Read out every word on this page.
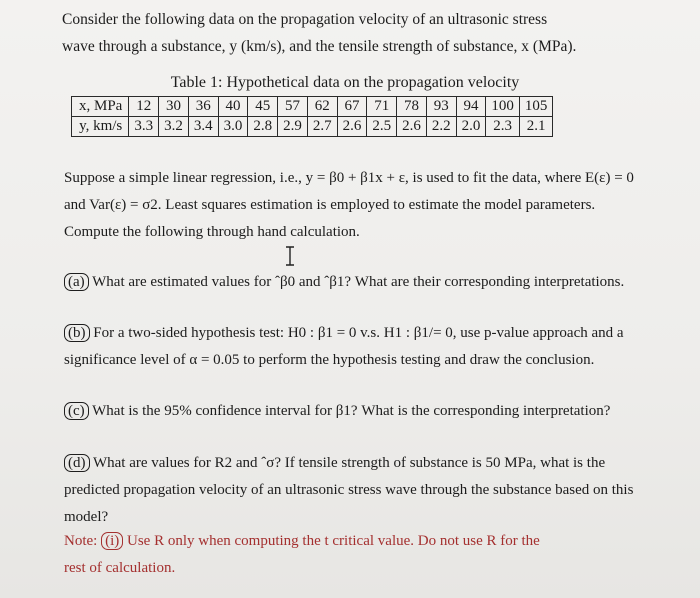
Consider the following data on the propagation velocity of an ultrasonic stress
wave through a substance, y (km/s), and the tensile strength of substance, x (MPa).
Table 1: Hypothetical data on the propagation velocity
x, MPa	12	30	36	40	45	57	62	67	71	78	93	94	100	105
y, km/s	3.3	3.2	3.4	3.0	2.8	2.9	2.7	2.6	2.5	2.6	2.2	2.0	2.3	2.1
Suppose a simple linear regression, i.e., y = β0 + β1x + ε, is used to fit the data, where E(ε) = 0
and Var(ε) = σ2. Least squares estimation is employed to estimate the model parameters.
Compute the following through hand calculation.
(a) What are estimated values for ˆβ0 and ˆβ1? What are their corresponding interpretations.
(b) For a two-sided hypothesis test: H0 : β1 = 0 v.s. H1 : β1/= 0, use p-value approach and a
significance level of α = 0.05 to perform the hypothesis testing and draw the conclusion.
(c) What is the 95% confidence interval for β1? What is the corresponding interpretation?
(d) What are values for R2 and ˆσ? If tensile strength of substance is 50 MPa, what is the
predicted propagation velocity of an ultrasonic stress wave through the substance based on this
model?
Note: (i) Use R only when computing the t critical value. Do not use R for the
rest of calculation.
